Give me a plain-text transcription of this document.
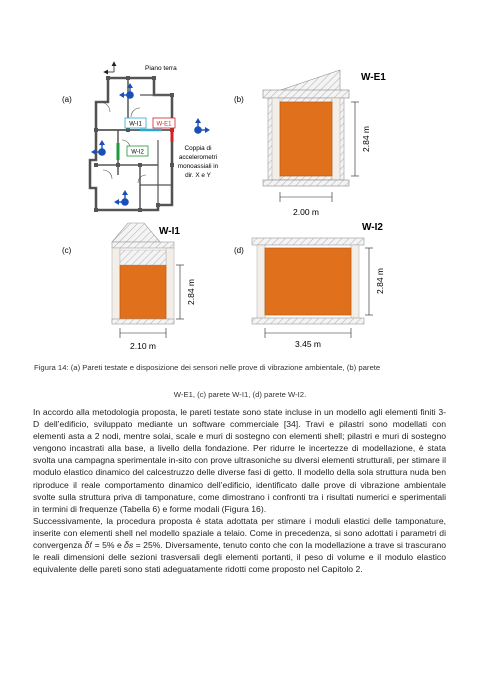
(a)
Piano terra
W-I1 W-E1
W-I2
Coppia di
accelerometri
monoassiali in
dir. X e Y
(b)
W-E1
2.84 m
2.00 m
(c)
W-I1
2.84 m
2.10 m
(d)
W-I2
2.84 m
3.45 m
Figura 14: (a) Pareti testate e disposizione dei sensori nelle prove di vibrazione ambientale, (b) parete
W-E1, (c) parete W-I1, (d) parete W-I2.

In accordo alla metodologia proposta, le pareti testate sono state incluse in un modello agli elementi finiti 3-D dell’edificio, sviluppato mediante un software commerciale [34]. Travi e pilastri sono modellati con elementi asta a 2 nodi, mentre solai, scale e muri di sostegno con elementi shell; pilastri e muri di sostegno vengono incastrati alla base, a livello della fondazione. Per ridurre le incertezze di modellazione, è stata svolta una campagna sperimentale in-sito con prove ultrasoniche su diversi elementi strutturali, per stimare il modulo elastico dinamico del calcestruzzo delle diverse fasi di getto. Il modello della sola struttura nuda ben riproduce il reale comportamento dinamico dell’edificio, identificato dalle prove di vibrazione ambientale svolte sulla struttura priva di tamponature, come dimostrano i confronti tra i risultati numerici e sperimentali in termini di frequenze (Tabella 6) e forme modali (Figura 16).

Successivamente, la procedura proposta è stata adottata per stimare i moduli elastici delle tamponature, inserite con elementi shell nel modello spaziale a telaio. Come in precedenza, si sono adottati i parametri di convergenza 𝛿𝑓 = 5% e 𝛿𝑠 = 25%. Diversamente, tenuto conto che con la modellazione a trave si trascurano le reali dimensioni delle sezioni trasversali degli elementi portanti, il peso di volume e il modulo elastico equivalente delle pareti sono stati adeguatamente ridotti come proposto nel Capitolo 2.
